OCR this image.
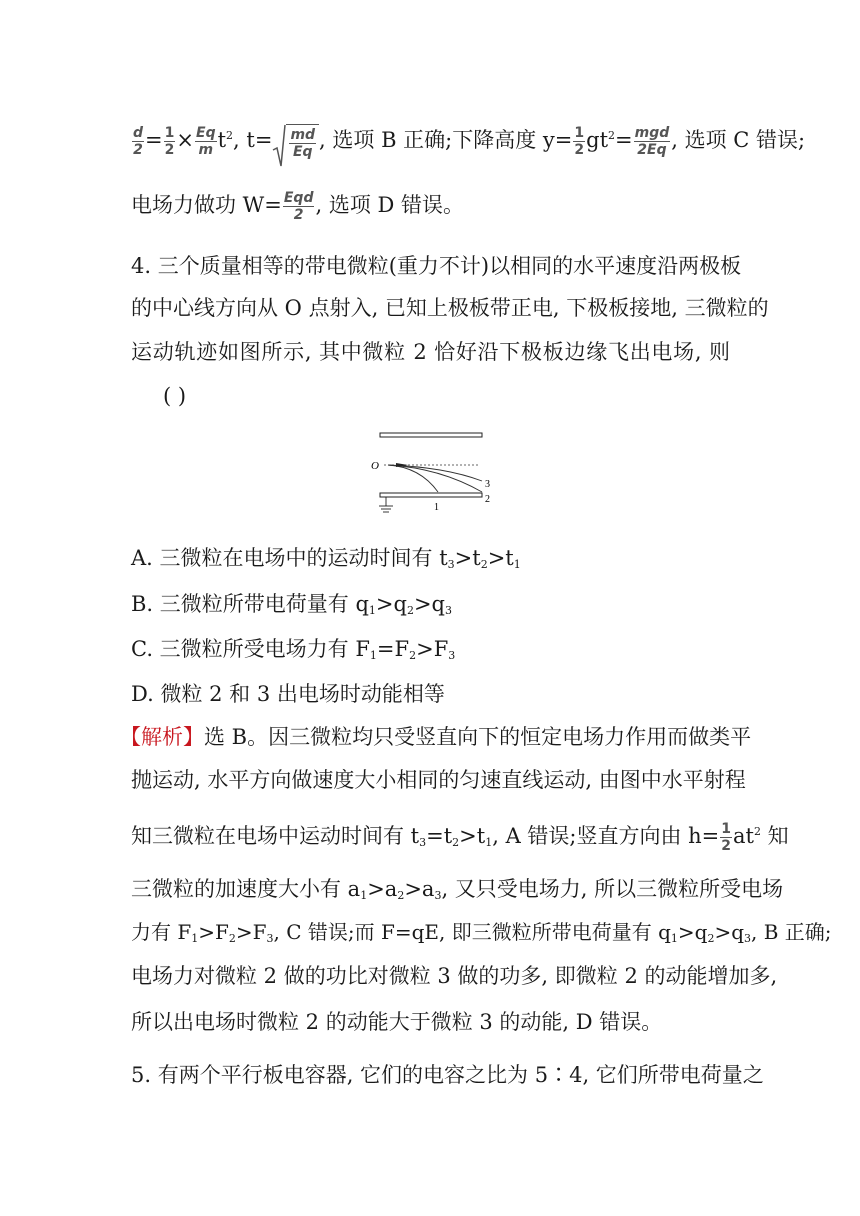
$\frac{d}{2} = \frac{1}{2} \times \frac{Eq}{m} t^2$, $t= \frac{md}{Eq}$ , 选项 B 正确;下降高度 $y= \frac{1}{2} gt^2= \frac{\text{mgd}}{2Eq}$ , 选项 C 错误;
电场力做功 $W= \frac{\text{Eqd}}{2}$ , 选项 D 错误。
4. 三个质量相等的带电微粒(重力不计)以相同的水平速度沿两极板
的中心线方向从 O 点射入, 已知上极板带正电, 下极板接地, 三微粒的
运动轨迹如图所示, 其中微粒 2 恰好沿下极板边缘飞出电场, 则
( )
O
1
3
2
A. 三微粒在电场中的运动时间有 $t_3>t_2>t_1$
B. 三微粒所带电荷量有 $q_1>q_2>q_3$
C. 三微粒所受电场力有 $F_1=F_2>F_3$
D. 微粒 2 和 3 出电场时动能相等
【解析】选 B。因三微粒均只受竖直向下的恒定电场力作用而做类平
抛运动, 水平方向做速度大小相同的匀速直线运动, 由图中水平射程
知三微粒在电场中运动时间有 $t_3=t_2>t_1$, A 错误;竖直方向由 $h= \frac{1}{2} at^2$ 知
三微粒的加速度大小有 $a_1>a_2>a_3$, 又只受电场力, 所以三微粒所受电场
力有 $F_1>F_2>F_3$, C 错误;而 F=qE, 即三微粒所带电荷量有 $q_1>q_2>q_3$, B 正确;
电场力对微粒 2 做的功比对微粒 3 做的功多, 即微粒 2 的动能增加多,
所以出电场时微粒 2 的动能大于微粒 3 的动能, D 错误。
5. 有两个平行板电容器, 它们的电容之比为 5∶4, 它们所带电荷量之
